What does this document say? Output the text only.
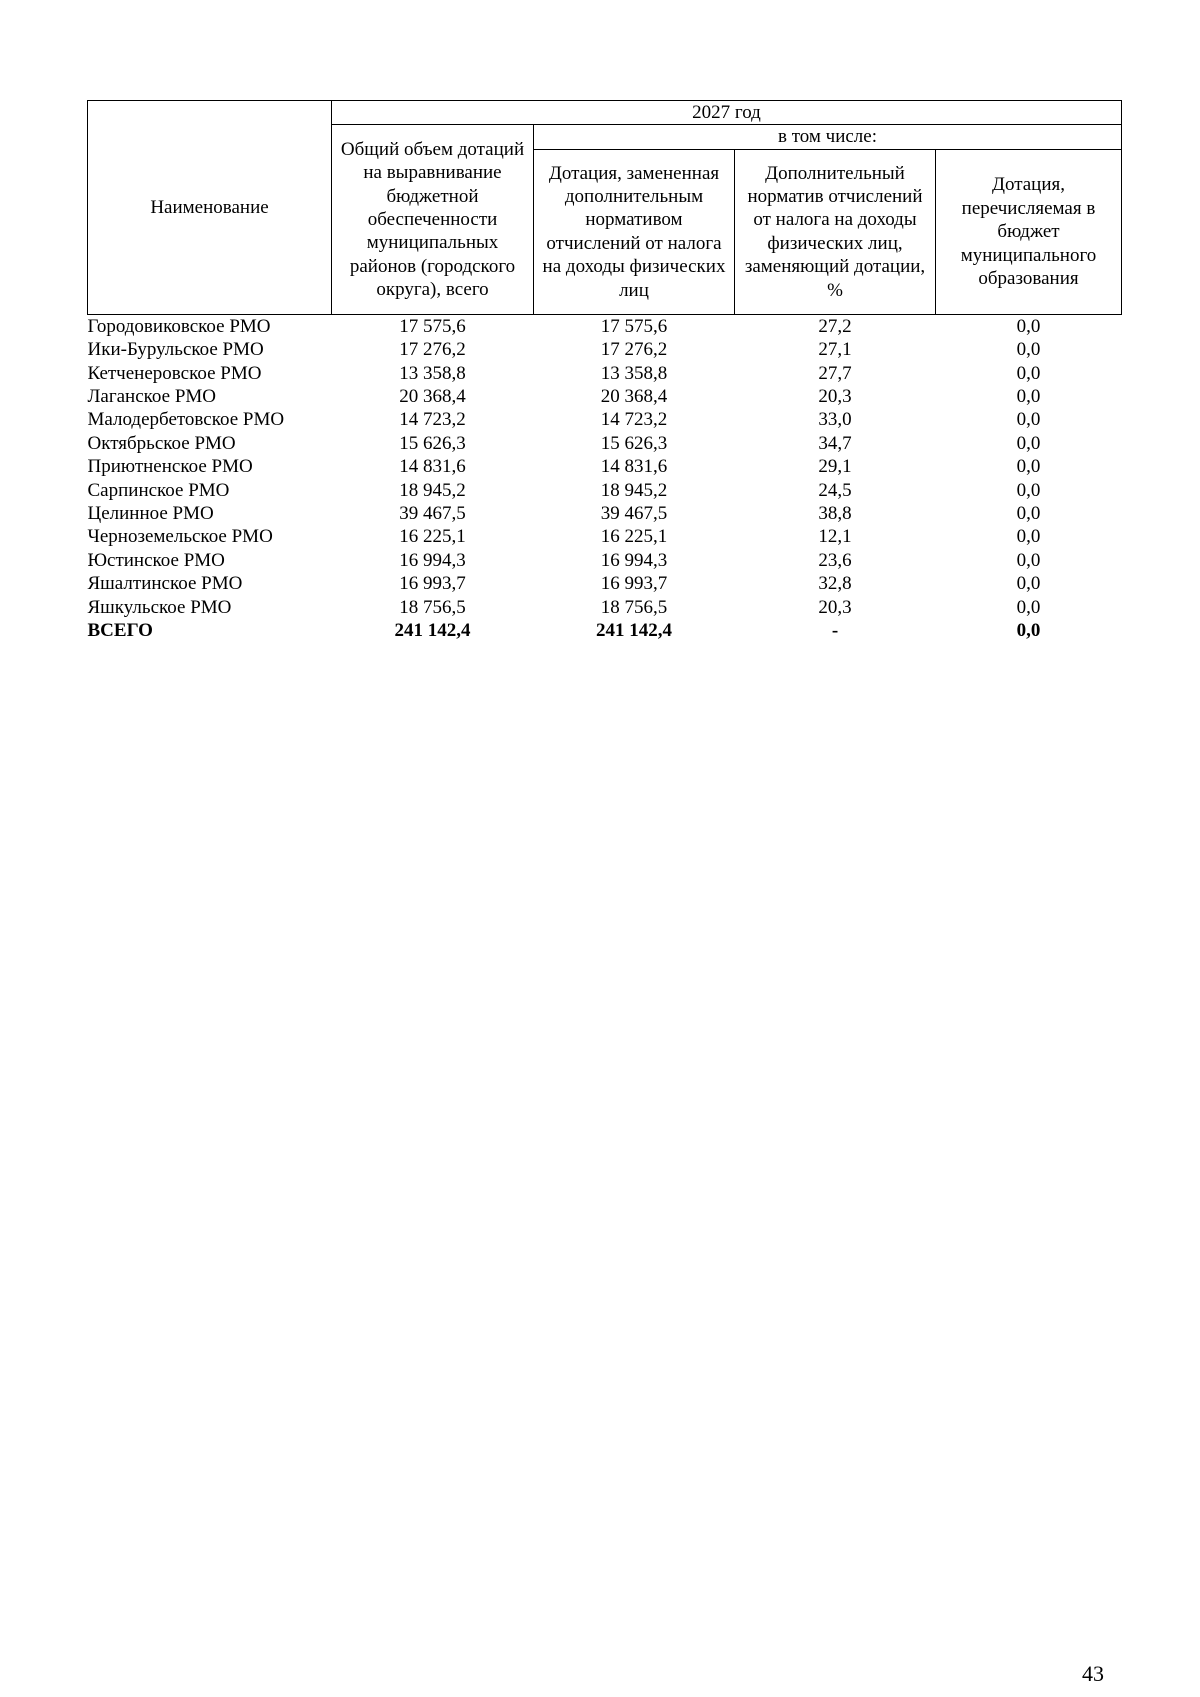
Наименование	2027 год			
	Общий объем дотаций на выравнивание бюджетной обеспеченности муниципальных районов (городского округа), всего	в том числе:		
		Дотация, замененная дополнительным нормативом отчислений от налога на доходы физических лиц	Дополнительный норматив отчислений от налога на доходы физических лиц, заменяющий дотации, %	Дотация, перечисляемая в бюджет муниципального образования
Городовиковское РМО	17 575,6	17 575,6	27,2	0,0
Ики-Бурульское РМО	17 276,2	17 276,2	27,1	0,0
Кетченеровское РМО	13 358,8	13 358,8	27,7	0,0
Лаганское РМО	20 368,4	20 368,4	20,3	0,0
Малодербетовское РМО	14 723,2	14 723,2	33,0	0,0
Октябрьское РМО	15 626,3	15 626,3	34,7	0,0
Приютненское РМО	14 831,6	14 831,6	29,1	0,0
Сарпинское РМО	18 945,2	18 945,2	24,5	0,0
Целинное РМО	39 467,5	39 467,5	38,8	0,0
Черноземельское РМО	16 225,1	16 225,1	12,1	0,0
Юстинское РМО	16 994,3	16 994,3	23,6	0,0
Яшалтинское РМО	16 993,7	16 993,7	32,8	0,0
Яшкульское РМО	18 756,5	18 756,5	20,3	0,0
ВСЕГО	241 142,4	241 142,4	-	0,0
43
